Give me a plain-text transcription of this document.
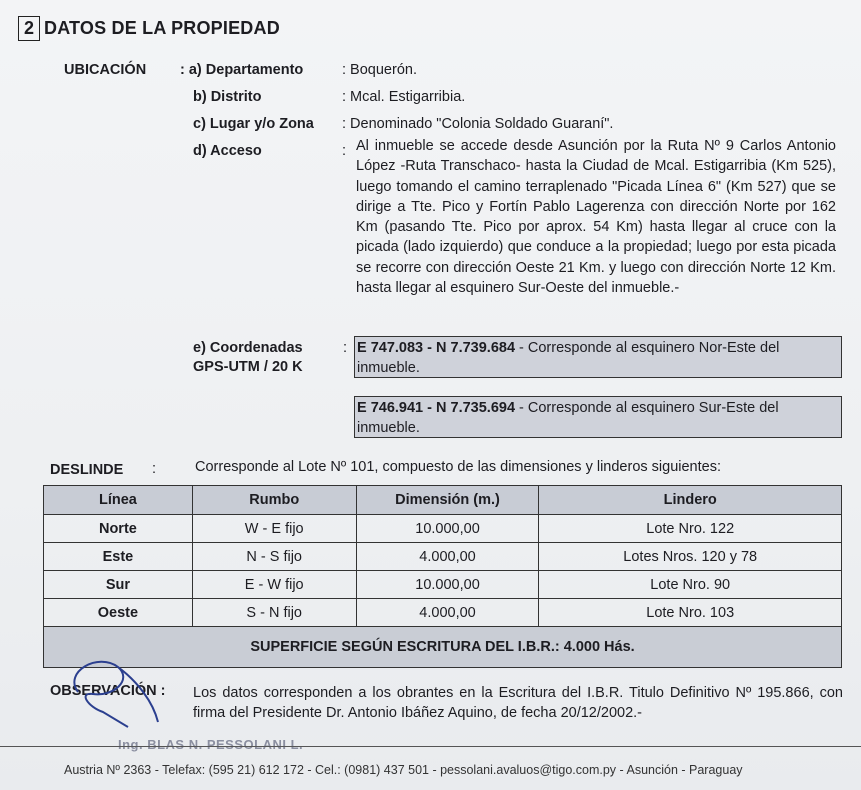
2 DATOS DE LA PROPIEDAD
UBICACIÓN : a) Departamento	: Boquerón.
b) Distrito	: Mcal. Estigarribia.
c) Lugar y/o Zona : Denominado "Colonia Soldado Guaraní".
d) Acceso	: Al inmueble se accede desde Asunción por la Ruta Nº 9 Carlos Antonio López -Ruta Transchaco- hasta la Ciudad de Mcal. Estigarribia (Km 525), luego tomando el camino terraplenado "Picada Línea 6" (Km 527) que se dirige a Tte. Pico y Fortín Pablo Lagerenza con dirección Norte por 162 Km (pasando Tte. Pico por aprox. 54 Km) hasta llegar al cruce con la picada (lado izquierdo) que conduce a la propiedad; luego por esta picada se recorre con dirección Oeste 21 Km. y luego con dirección Norte 12 Km. hasta llegar al esquinero Sur-Oeste del inmueble.-
e) Coordenadas
GPS-UTM / 20 K
: E 747.083 - N 7.739.684 - Corresponde al esquinero Nor-Este del inmueble.
E 746.941 - N 7.735.694 - Corresponde al esquinero Sur-Este del inmueble.
DESLINDE :	Corresponde al Lote Nº 101, compuesto de las dimensiones y linderos siguientes:
Línea	Rumbo	Dimensión (m.)	Lindero
Norte	W - E fijo	10.000,00	Lote Nro. 122
Este	N - S fijo	4.000,00	Lotes Nros. 120 y 78
Sur	E - W fijo	10.000,00	Lote Nro. 90
Oeste	S - N fijo	4.000,00	Lote Nro. 103
SUPERFICIE SEGÚN ESCRITURA DEL I.B.R.: 4.000 Hás.			
OBSERVACIÓN : Los datos corresponden a los obrantes en la Escritura del I.B.R. Titulo Definitivo Nº 195.866, con firma del Presidente Dr. Antonio Ibáñez Aquino, de fecha 20/12/2002.-
Ing. BLAS N. PESSOLANI L.
Austria Nº 2363 - Telefax: (595 21) 612 172 - Cel.: (0981) 437 501 - pessolani.avaluos@tigo.com.py - Asunción - Paraguay
